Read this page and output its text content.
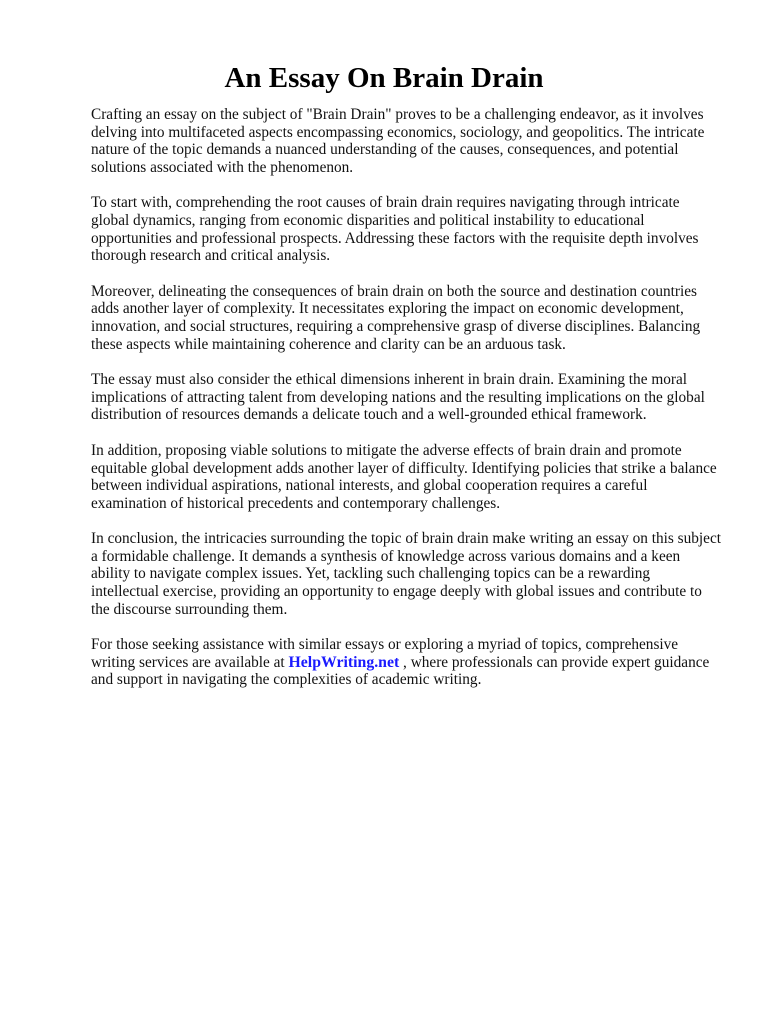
An Essay On Brain Drain

Crafting an essay on the subject of "Brain Drain" proves to be a challenging endeavor, as it involves delving into multifaceted aspects encompassing economics, sociology, and geopolitics. The intricate nature of the topic demands a nuanced understanding of the causes, consequences, and potential solutions associated with the phenomenon.

To start with, comprehending the root causes of brain drain requires navigating through intricate global dynamics, ranging from economic disparities and political instability to educational opportunities and professional prospects. Addressing these factors with the requisite depth involves thorough research and critical analysis.

Moreover, delineating the consequences of brain drain on both the source and destination countries adds another layer of complexity. It necessitates exploring the impact on economic development, innovation, and social structures, requiring a comprehensive grasp of diverse disciplines. Balancing these aspects while maintaining coherence and clarity can be an arduous task.

The essay must also consider the ethical dimensions inherent in brain drain. Examining the moral implications of attracting talent from developing nations and the resulting implications on the global distribution of resources demands a delicate touch and a well-grounded ethical framework.

In addition, proposing viable solutions to mitigate the adverse effects of brain drain and promote equitable global development adds another layer of difficulty. Identifying policies that strike a balance between individual aspirations, national interests, and global cooperation requires a careful examination of historical precedents and contemporary challenges.

In conclusion, the intricacies surrounding the topic of brain drain make writing an essay on this subject a formidable challenge. It demands a synthesis of knowledge across various domains and a keen ability to navigate complex issues. Yet, tackling such challenging topics can be a rewarding intellectual exercise, providing an opportunity to engage deeply with global issues and contribute to the discourse surrounding them.

For those seeking assistance with similar essays or exploring a myriad of topics, comprehensive writing services are available at HelpWriting.net , where professionals can provide expert guidance and support in navigating the complexities of academic writing.
